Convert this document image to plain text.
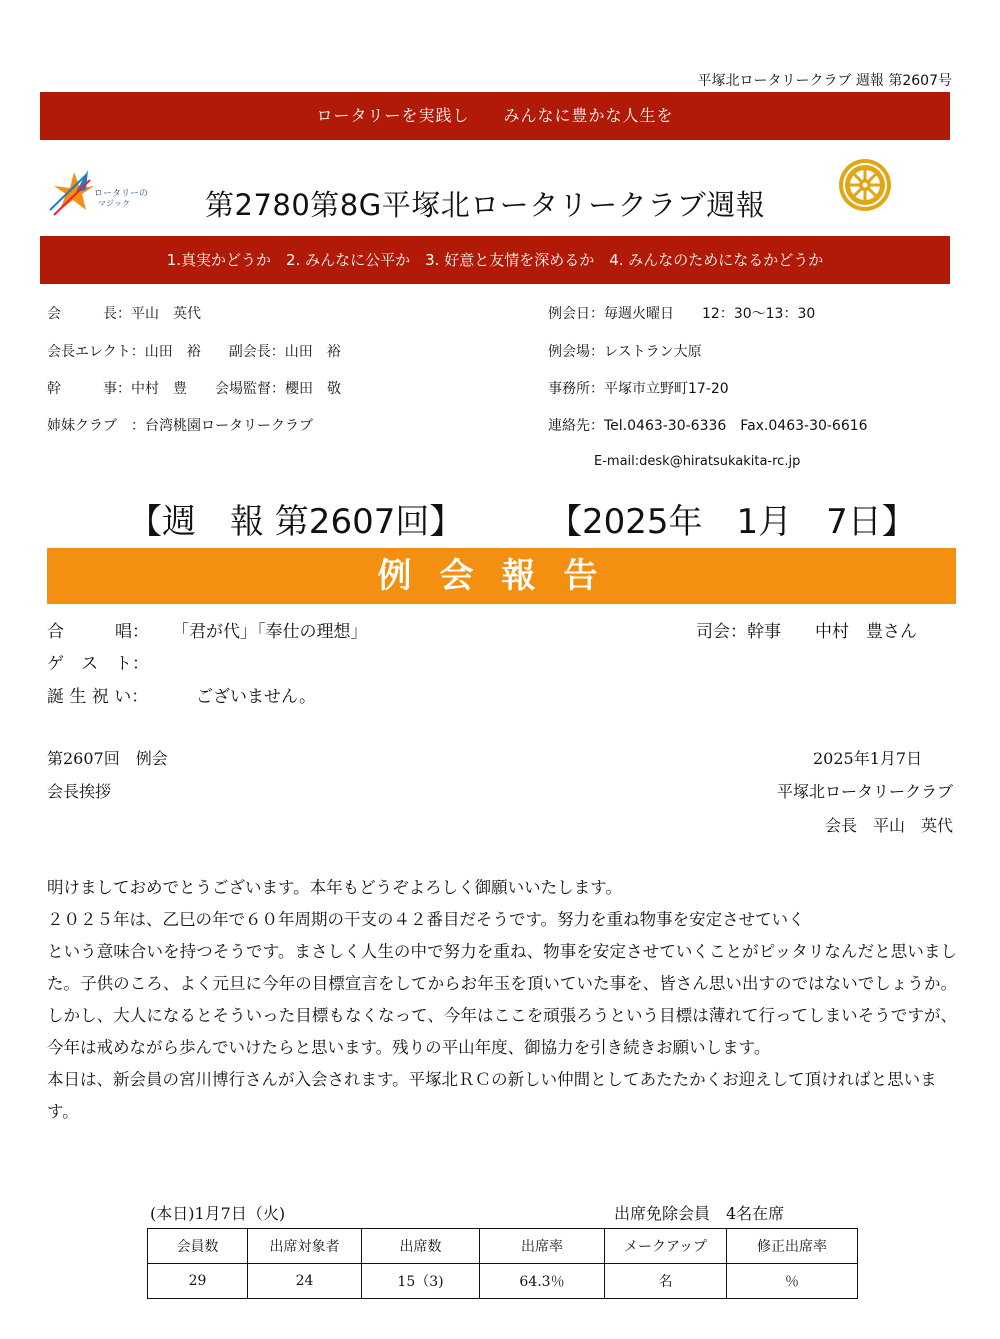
平塚北ロータリークラブ 週報 第2607号
ロータリーを実践し　　みんなに豊かな人生を
ロータリーの
マジック	第2780第8G平塚北ロータリークラブ週報
1.真実かどうか　2. みんなに公平か　3. 好意と友情を深めるか　4. みんなのためになるかどうか
会　　　長：平山　英代
会長エレクト：山田　裕　　副会長：山田　裕
幹　　　事：中村　豊　　会場監督：櫻田　敬
姉妹クラブ　：台湾桃園ロータリークラブ
例会日：毎週火曜日　　12：30〜13：30
例会場：レストラン大原
事務所：平塚市立野町17-20
連絡先：Tel.0463-30-6336　Fax.0463-30-6616
E-mail:desk@hiratsukakita-rc.jp
【週　報 第2607回】 【2025年　1月　7日】
例会報告
合　　　唱： 「君が代」「奉仕の理想」	司会：幹事　　中村　豊さん
ゲ　ス　ト：
誕 生 祝 い：	ございません。
第2607回　例会	2025年1月7日
会長挨拶	平塚北ロータリークラブ
会長　平山　英代

明けましておめでとうございます。本年もどうぞよろしく御願いいたします。

２０２５年は、乙巳の年で６０年周期の干支の４２番目だそうです。努力を重ね物事を安定させていく

という意味合いを持つそうです。まさしく人生の中で努力を重ね、物事を安定させていくことがピッタリなんだと思いました。子供のころ、よく元旦に今年の目標宣言をしてからお年玉を頂いていた事を、皆さん思い出すのではないでしょうか。しかし、大人になるとそういった目標もなくなって、今年はここを頑張ろうという目標は薄れて行ってしまいそうですが、今年は戒めながら歩んでいけたらと思います。残りの平山年度、御協力を引き続きお願いします。

本日は、新会員の宮川博行さんが入会されます。平塚北ＲＣの新しい仲間としてあたたかくお迎えして頂ければと思います。

(本日)1月7日（火)	出席免除会員　4名在席
会員数	出席対象者	出席数	出席率	メークアップ	修正出席率
29	24	15（3)	64.3％	名	％
